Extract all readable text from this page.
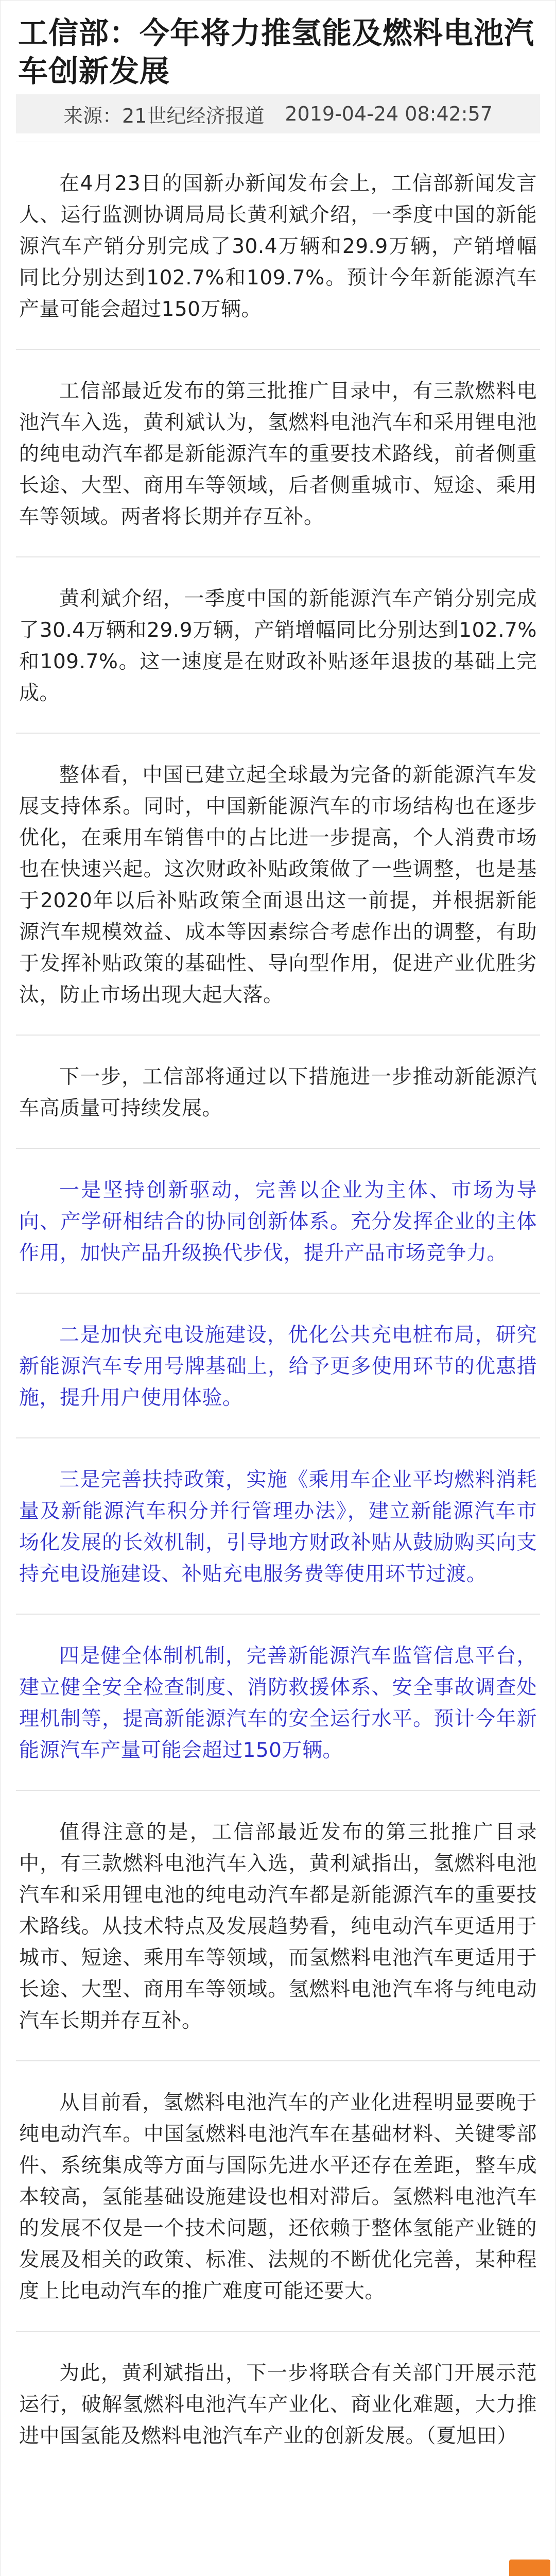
工信部：今年将力推氢能及燃料电池汽车创新发展
来源：21世纪经济报道 2019-04-24 08:42:57

在4月23日的国新办新闻发布会上，工信部新闻发言人、运行监测协调局局长黄利斌介绍，一季度中国的新能源汽车产销分别完成了30.4万辆和29.9万辆，产销增幅同比分别达到102.7%和109.7%。预计今年新能源汽车产量可能会超过150万辆。

工信部最近发布的第三批推广目录中，有三款燃料电池汽车入选，黄利斌认为，氢燃料电池汽车和采用锂电池的纯电动汽车都是新能源汽车的重要技术路线，前者侧重长途、大型、商用车等领域，后者侧重城市、短途、乘用车等领域。两者将长期并存互补。

黄利斌介绍，一季度中国的新能源汽车产销分别完成了30.4万辆和29.9万辆，产销增幅同比分别达到102.7%和109.7%。这一速度是在财政补贴逐年退拔的基础上完成。

整体看，中国已建立起全球最为完备的新能源汽车发展支持体系。同时，中国新能源汽车的市场结构也在逐步优化，在乘用车销售中的占比进一步提高，个人消费市场也在快速兴起。这次财政补贴政策做了一些调整，也是基于2020年以后补贴政策全面退出这一前提，并根据新能源汽车规模效益、成本等因素综合考虑作出的调整，有助于发挥补贴政策的基础性、导向型作用，促进产业优胜劣汰，防止市场出现大起大落。

下一步，工信部将通过以下措施进一步推动新能源汽车高质量可持续发展。

一是坚持创新驱动，完善以企业为主体、市场为导向、产学研相结合的协同创新体系。充分发挥企业的主体作用，加快产品升级换代步伐，提升产品市场竞争力。

二是加快充电设施建设，优化公共充电桩布局，研究新能源汽车专用号牌基础上，给予更多使用环节的优惠措施，提升用户使用体验。

三是完善扶持政策，实施《乘用车企业平均燃料消耗量及新能源汽车积分并行管理办法》，建立新能源汽车市场化发展的长效机制，引导地方财政补贴从鼓励购买向支持充电设施建设、补贴充电服务费等使用环节过渡。

四是健全体制机制，完善新能源汽车监管信息平台，建立健全安全检查制度、消防救援体系、安全事故调查处理机制等，提高新能源汽车的安全运行水平。预计今年新能源汽车产量可能会超过150万辆。

值得注意的是，工信部最近发布的第三批推广目录中，有三款燃料电池汽车入选，黄利斌指出，氢燃料电池汽车和采用锂电池的纯电动汽车都是新能源汽车的重要技术路线。从技术特点及发展趋势看，纯电动汽车更适用于城市、短途、乘用车等领域，而氢燃料电池汽车更适用于长途、大型、商用车等领域。氢燃料电池汽车将与纯电动汽车长期并存互补。

从目前看，氢燃料电池汽车的产业化进程明显要晚于纯电动汽车。中国氢燃料电池汽车在基础材料、关键零部件、系统集成等方面与国际先进水平还存在差距，整车成本较高，氢能基础设施建设也相对滞后。氢燃料电池汽车的发展不仅是一个技术问题，还依赖于整体氢能产业链的发展及相关的政策、标准、法规的不断优化完善，某种程度上比电动汽车的推广难度可能还要大。

为此，黄利斌指出，下一步将联合有关部门开展示范运行，破解氢燃料电池汽车产业化、商业化难题，大力推进中国氢能及燃料电池汽车产业的创新发展。（夏旭田）
